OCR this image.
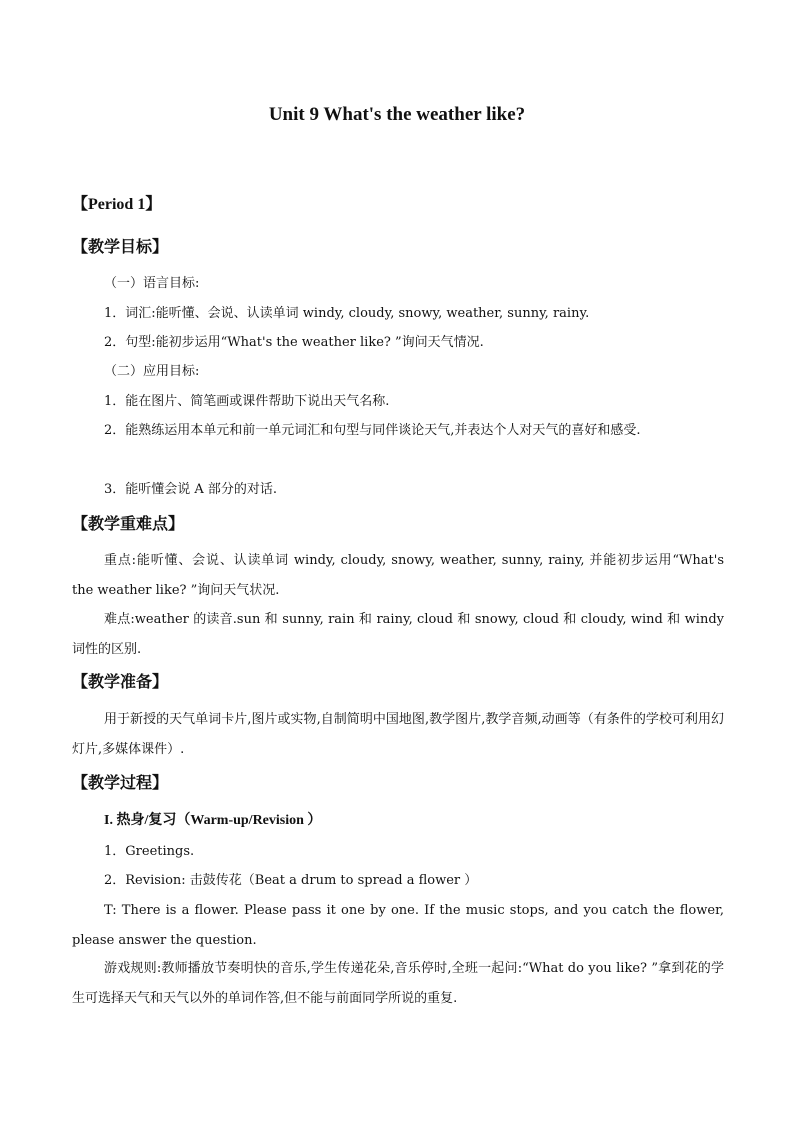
Unit 9 What's the weather like?
【Period 1】
【教学目标】
（一）语言目标:
1．词汇:能听懂、会说、认读单词 windy, cloudy, snowy, weather, sunny, rainy.
2．句型:能初步运用“What's the weather like? ”询问天气情况.
（二）应用目标:
1．能在图片、简笔画或课件帮助下说出天气名称.
2．能熟练运用本单元和前一单元词汇和句型与同伴谈论天气,并表达个人对天气的喜好和感受.
3．能听懂会说 A 部分的对话.
【教学重难点】
重点:能听懂、会说、认读单词 windy, cloudy, snowy, weather, sunny, rainy, 并能初步运用“What's the weather like? ”询问天气状况.
难点:weather 的读音.sun 和 sunny, rain 和 rainy, cloud 和 snowy, cloud 和 cloudy, wind 和 windy 词性的区别.
【教学准备】
用于新授的天气单词卡片,图片或实物,自制简明中国地图,教学图片,教学音频,动画等（有条件的学校可利用幻灯片,多媒体课件）.
【教学过程】
I. 热身/复习（Warm-up/Revision ）
1．Greetings.
2．Revision: 击鼓传花（Beat a drum to spread a flower ）
T: There is a flower. Please pass it one by one. If the music stops, and you catch the flower, please answer the question.
游戏规则:教师播放节奏明快的音乐,学生传递花朵,音乐停时,全班一起问:“What do you like? ”拿到花的学生可选择天气和天气以外的单词作答,但不能与前面同学所说的重复.
